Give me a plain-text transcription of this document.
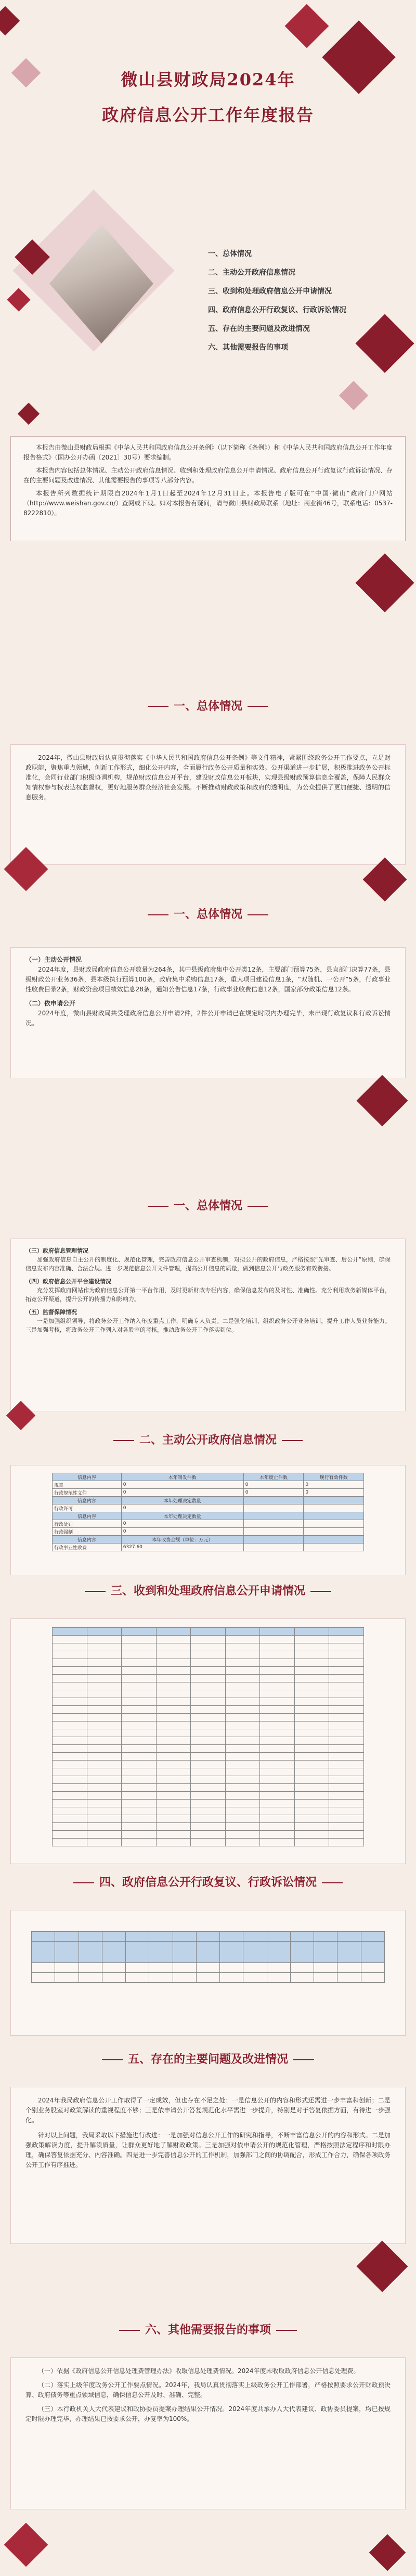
微山县财政局2024年
政府信息公开工作年度报告
一、总体情况
二、主动公开政府信息情况
三、收到和处理政府信息公开申请情况
四、政府信息公开行政复议、行政诉讼情况
五、存在的主要问题及改进情况
六、其他需要报告的事项

本报告由微山县财政局根据《中华人民共和国政府信息公开条例》（以下简称《条例》）和《中华人民共和国政府信息公开工作年度报告格式》（国办公开办函〔2021〕30号）要求编制。

本报告内容包括总体情况、主动公开政府信息情况、收到和处理政府信息公开申请情况、政府信息公开行政复议行政诉讼情况、存在的主要问题及改进情况、其他需要报告的事项等八部分内容。

本报告所列数据统计期限自2024年1月1日起至2024年12月31日止。本报告电子版可在“中国·微山”政府门户网站（http://www.weishan.gov.cn/）查阅或下载。如对本报告有疑问，请与微山县财政局联系（地址：商业街46号，联系电话：0537-8222810）。

一、总体情况
2024年，微山县财政局认真贯彻落实《中华人民共和国政府信息公开条例》等文件精神，紧紧围绕政务公开工作要点，立足财政职能，聚焦重点领域，创新工作形式，细化公开内容，全面履行政务公开质量和实效。公开渠道进一步扩展，积极推进政务公开标准化，会同行业部门积极协调机构，规范财政信息公开平台，建设财政信息公开板块，实现县级财政预算信息全覆盖，保障人民群众知情权参与权表达权监督权，更好地服务群众经济社会发展。不断推动财政政策和政府的透明度，为公众提供了更加便捷、透明的信息服务。
一、总体情况
（一）主动公开情况
2024年度，县财政局政府信息公开数量为264条，其中县级政府集中公开类12条，主要部门预算75条，县直部门决算77条，县级财政公开业务36条，县本级执行预算100条，政府集中采购信息17条，重大项目建设信息1条，“双随机、一公开”5条，行政事业性收费目录2条，财政资金项目绩效信息28条，通知公告信息17条，行政事业收费信息12条，国家部分政策信息12条。
（二）依申请公开
2024年度，微山县财政局共受理政府信息公开申请2件，2件公开申请已在规定时限内办理完毕，未出现行政复议和行政诉讼情况。
一、总体情况
（三）政府信息管理情况
加强政府信息自主公开的制度化、规范化管理，完善政府信息公开审查机制，对拟公开的政府信息，严格按照“先审查、后公开”原则，确保信息发布内容准确、合法合规。进一步规范信息公开文件管理，提高公开信息的质量，做到信息公开与政务服务有效衔接。
（四）政府信息公开平台建设情况
充分发挥政府网站作为政府信息公开第一平台作用，及时更新财政专栏内容，确保信息发布的及时性、准确性。充分利用政务新媒体平台，拓宽公开渠道，提升公开的传播力和影响力。
（五）监督保障情况
一是加强组织领导，将政务公开工作纳入年度重点工作，明确专人负责。二是强化培训，组织政务公开业务培训，提升工作人员业务能力。三是加强考核，将政务公开工作列入对各股室的考核，推动政务公开工作落实到位。
二、主动公开政府信息情况
信息内容	本年制发件数	本年废止件数	现行有效件数
规章	0	0	0
行政规范性文件	0	0	0
信息内容	本年处理决定数量		
行政许可	0		
信息内容	本年处理决定数量		
行政处罚	0		
行政强制	0		
信息内容	本年收费金额（单位：万元）		
行政事业性收费	6327.60		
三、收到和处理政府信息公开申请情况

四、政府信息公开行政复议、行政诉讼情况

五、存在的主要问题及改进情况

2024年我局政府信息公开工作取得了一定成效，但也存在不足之处：一是信息公开的内容和形式还需进一步丰富和创新；二是个别业务股室对政策解读的重视程度不够；三是依申请公开答复规范化水平需进一步提升，特别是对于答复依据方面，有待进一步强化。

针对以上问题，我局采取以下措施进行改进：一是加强对信息公开工作的研究和指导，不断丰富信息公开的内容和形式。二是加强政策解读力度，提升解读质量，让群众更好地了解财政政策。三是加强对依申请公开的规范化管理，严格按照法定程序和时限办理，确保答复依据充分、内容准确。四是进一步完善信息公开的工作机制，加强部门之间的协调配合，形成工作合力，确保各项政务公开工作有序推进。

六、其他需要报告的事项

（一）依据《政府信息公开信息处理费管理办法》收取信息处理费情况。2024年度未收取政府信息公开信息处理费。

（二）落实上级年度政务公开工作要点情况。2024年，我局认真贯彻落实上级政务公开工作部署，严格按照要求公开财政预决算、政府债务等重点领域信息，确保信息公开及时、准确、完整。

（三）本行政机关人大代表建议和政协委员提案办理结果公开情况。2024年度共承办人大代表建议、政协委员提案，均已按规定时限办理完毕，办理结果已按要求公开，办复率为100%。
